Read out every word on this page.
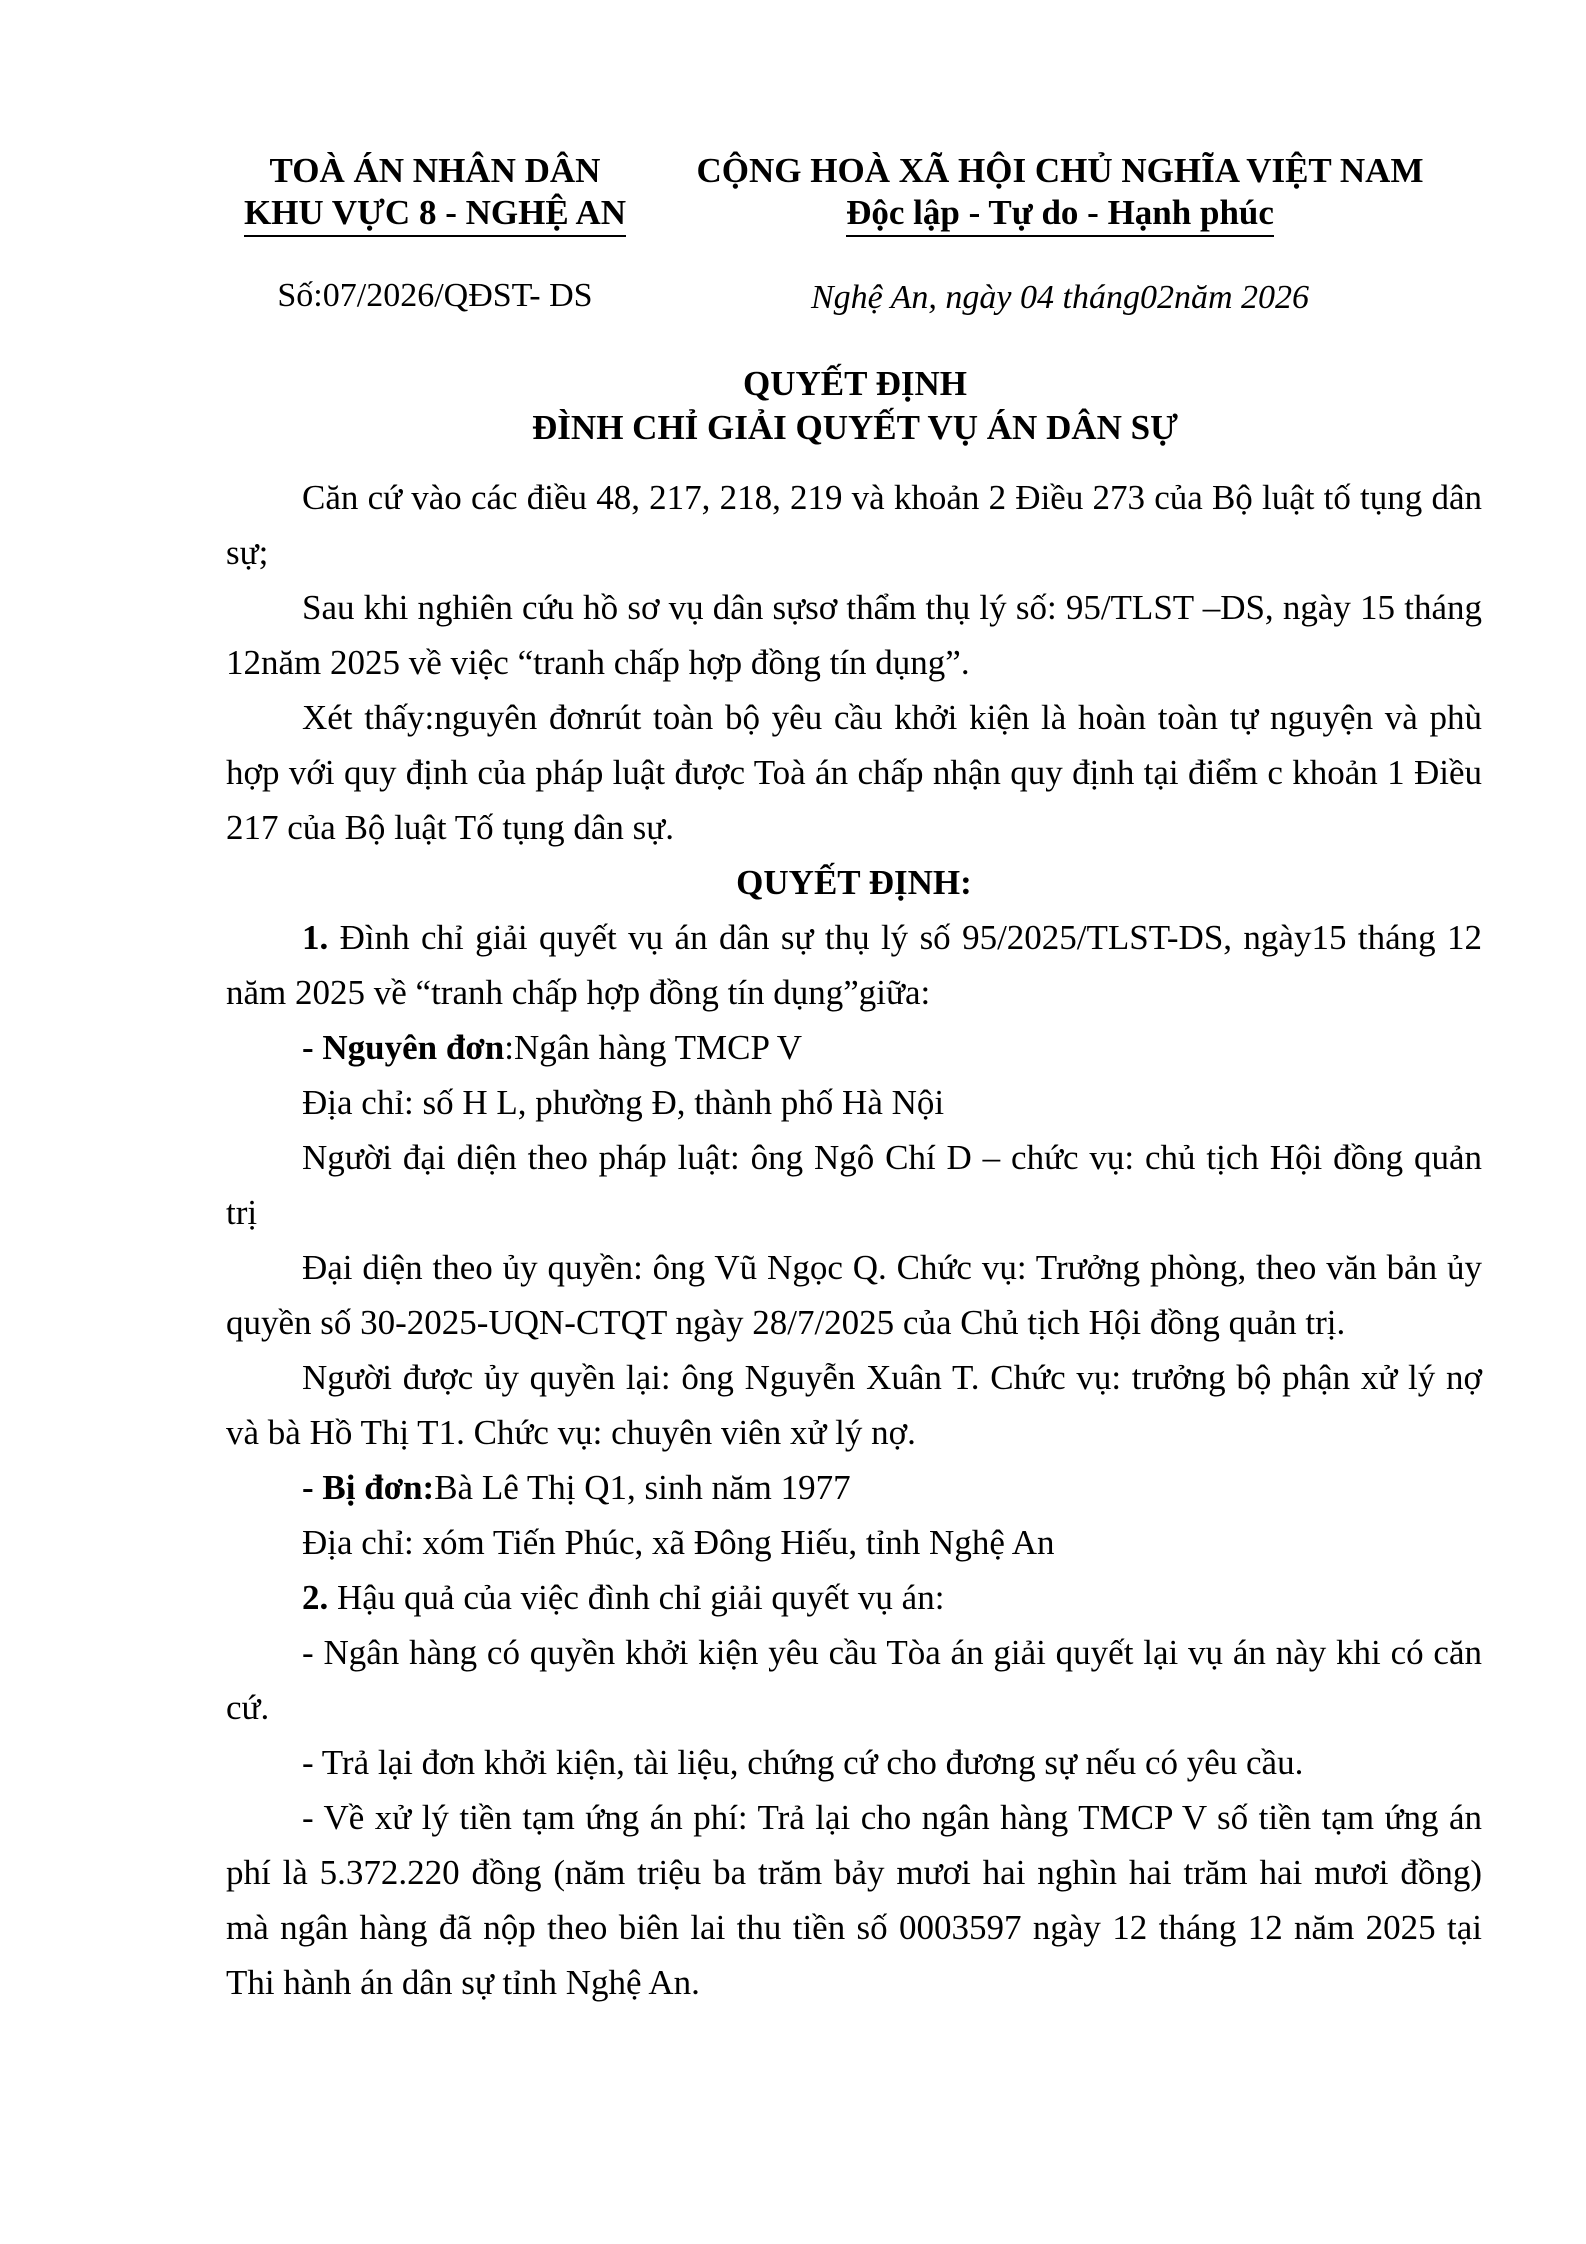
TOÀ ÁN NHÂN DÂN
KHU VỰC 8 - NGHỆ AN
CỘNG HOÀ XÃ HỘI CHỦ NGHĨA VIỆT NAM
Độc lập - Tự do - Hạnh phúc
Số:07/2026/QĐST- DS	Nghệ An, ngày 04 tháng02năm 2026
QUYẾT ĐỊNH
ĐÌNH CHỈ GIẢI QUYẾT VỤ ÁN DÂN SỰ

Căn cứ vào các điều 48, 217, 218, 219 và khoản 2 Điều 273 của Bộ luật tố tụng dân sự;

Sau khi nghiên cứu hồ sơ vụ dân sựsơ thẩm thụ lý số: 95/TLST –DS, ngày 15 tháng 12năm 2025 về việc “tranh chấp hợp đồng tín dụng”.

Xét thấy:nguyên đơnrút toàn bộ yêu cầu khởi kiện là hoàn toàn tự nguyện và phù hợp với quy định của pháp luật được Toà án chấp nhận quy định tại điểm c khoản 1 Điều 217 của Bộ luật Tố tụng dân sự.

QUYẾT ĐỊNH:

1. Đình chỉ giải quyết vụ án dân sự thụ lý số 95/2025/TLST-DS, ngày15 tháng 12 năm 2025 về “tranh chấp hợp đồng tín dụng”giữa:

- Nguyên đơn:Ngân hàng TMCP V

Địa chỉ: số H L, phường Đ, thành phố Hà Nội

Người đại diện theo pháp luật: ông Ngô Chí D – chức vụ: chủ tịch Hội đồng quản trị

Đại diện theo ủy quyền: ông Vũ Ngọc Q. Chức vụ: Trưởng phòng, theo văn bản ủy quyền số 30-2025-UQN-CTQT ngày 28/7/2025 của Chủ tịch Hội đồng quản trị.

Người được ủy quyền lại: ông Nguyễn Xuân T. Chức vụ: trưởng bộ phận xử lý nợ và bà Hồ Thị T1. Chức vụ: chuyên viên xử lý nợ.

- Bị đơn:Bà Lê Thị Q1, sinh năm 1977

Địa chỉ: xóm Tiến Phúc, xã Đông Hiếu, tỉnh Nghệ An

2. Hậu quả của việc đình chỉ giải quyết vụ án:

- Ngân hàng có quyền khởi kiện yêu cầu Tòa án giải quyết lại vụ án này khi có căn cứ.

- Trả lại đơn khởi kiện, tài liệu, chứng cứ cho đương sự nếu có yêu cầu.

- Về xử lý tiền tạm ứng án phí: Trả lại cho ngân hàng TMCP V số tiền tạm ứng án phí là 5.372.220 đồng (năm triệu ba trăm bảy mươi hai nghìn hai trăm hai mươi đồng) mà ngân hàng đã nộp theo biên lai thu tiền số 0003597 ngày 12 tháng 12 năm 2025 tại Thi hành án dân sự tỉnh Nghệ An.
